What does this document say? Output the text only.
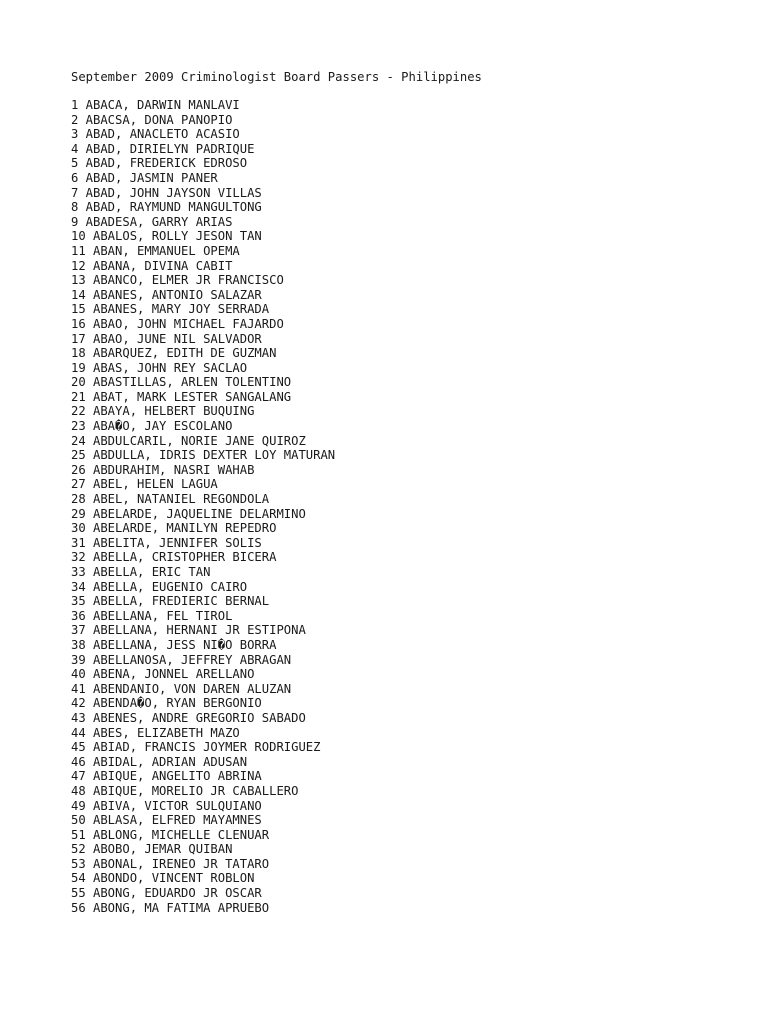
September 2009 Criminologist Board Passers - Philippines
1 ABACA, DARWIN MANLAVI
2 ABACSA, DONA PANOPIO
3 ABAD, ANACLETO ACASIO
4 ABAD, DIRIELYN PADRIQUE
5 ABAD, FREDERICK EDROSO
6 ABAD, JASMIN PANER
7 ABAD, JOHN JAYSON VILLAS
8 ABAD, RAYMUND MANGULTONG
9 ABADESA, GARRY ARIAS
10 ABALOS, ROLLY JESON TAN
11 ABAN, EMMANUEL OPEMA
12 ABANA, DIVINA CABIT
13 ABANCO, ELMER JR FRANCISCO
14 ABANES, ANTONIO SALAZAR
15 ABANES, MARY JOY SERRADA
16 ABAO, JOHN MICHAEL FAJARDO
17 ABAO, JUNE NIL SALVADOR
18 ABARQUEZ, EDITH DE GUZMAN
19 ABAS, JOHN REY SACLAO
20 ABASTILLAS, ARLEN TOLENTINO
21 ABAT, MARK LESTER SANGALANG
22 ABAYA, HELBERT BUQUING
23 ABA�O, JAY ESCOLANO
24 ABDULCARIL, NORIE JANE QUIROZ
25 ABDULLA, IDRIS DEXTER LOY MATURAN
26 ABDURAHIM, NASRI WAHAB
27 ABEL, HELEN LAGUA
28 ABEL, NATANIEL REGONDOLA
29 ABELARDE, JAQUELINE DELARMINO
30 ABELARDE, MANILYN REPEDRO
31 ABELITA, JENNIFER SOLIS
32 ABELLA, CRISTOPHER BICERA
33 ABELLA, ERIC TAN
34 ABELLA, EUGENIO CAIRO
35 ABELLA, FREDIERIC BERNAL
36 ABELLANA, FEL TIROL
37 ABELLANA, HERNANI JR ESTIPONA
38 ABELLANA, JESS NI�O BORRA
39 ABELLANOSA, JEFFREY ABRAGAN
40 ABENA, JONNEL ARELLANO
41 ABENDANIO, VON DAREN ALUZAN
42 ABENDA�O, RYAN BERGONIO
43 ABENES, ANDRE GREGORIO SABADO
44 ABES, ELIZABETH MAZO
45 ABIAD, FRANCIS JOYMER RODRIGUEZ
46 ABIDAL, ADRIAN ADUSAN
47 ABIQUE, ANGELITO ABRINA
48 ABIQUE, MORELIO JR CABALLERO
49 ABIVA, VICTOR SULQUIANO
50 ABLASA, ELFRED MAYAMNES
51 ABLONG, MICHELLE CLENUAR
52 ABOBO, JEMAR QUIBAN
53 ABONAL, IRENEO JR TATARO
54 ABONDO, VINCENT ROBLON
55 ABONG, EDUARDO JR OSCAR
56 ABONG, MA FATIMA APRUEBO
